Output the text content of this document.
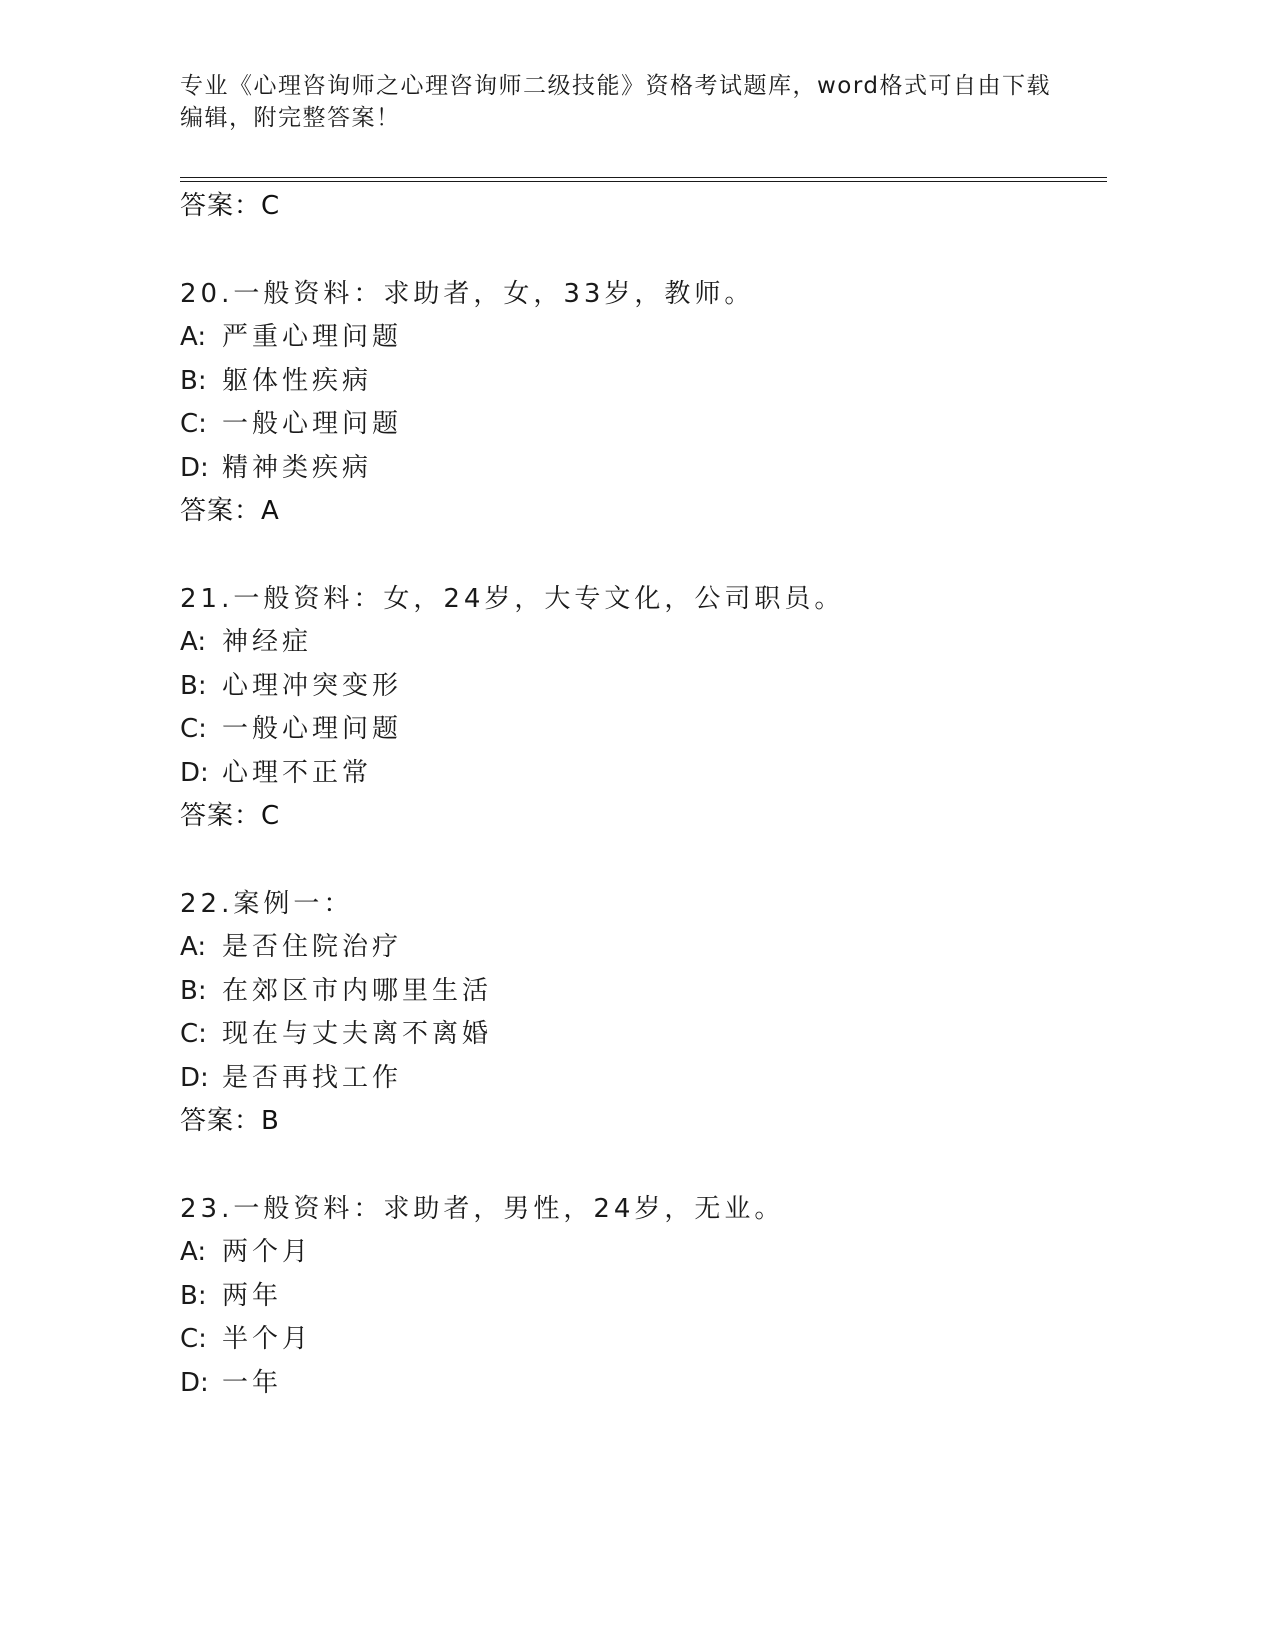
专业《心理咨询师之心理咨询师二级技能》资格考试题库，word格式可自由下载
编辑，附完整答案！
答案：C
20.一般资料：求助者，女，33岁，教师。
A: 严重心理问题
B: 躯体性疾病
C: 一般心理问题
D: 精神类疾病
答案：A
21.一般资料：女，24岁，大专文化，公司职员。
A: 神经症
B: 心理冲突变形
C: 一般心理问题
D: 心理不正常
答案：C
22.案例一：
A: 是否住院治疗
B: 在郊区市内哪里生活
C: 现在与丈夫离不离婚
D: 是否再找工作
答案：B
23.一般资料：求助者，男性，24岁，无业。
A: 两个月
B: 两年
C: 半个月
D: 一年
